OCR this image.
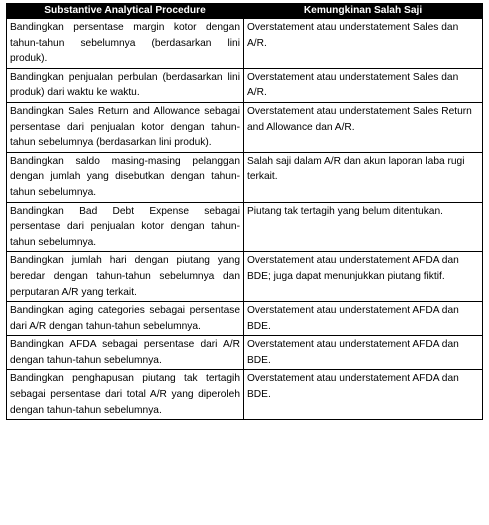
Substantive Analytical Procedure	Kemungkinan Salah Saji
Bandingkan persentase margin kotor dengan tahun-tahun sebelumnya (berdasarkan lini produk).	Overstatement atau understatement Sales dan A/R.
Bandingkan penjualan perbulan (berdasarkan lini produk) dari waktu ke waktu.	Overstatement atau understatement Sales dan A/R.
Bandingkan Sales Return and Allowance sebagai persentase dari penjualan kotor dengan tahun-tahun sebelumnya (berdasarkan lini produk).	Overstatement atau understatement Sales Return and Allowance dan A/R.
Bandingkan saldo masing-masing pelanggan dengan jumlah yang disebutkan dengan tahun-tahun sebelumnya.	Salah saji dalam A/R dan akun laporan laba rugi terkait.
Bandingkan Bad Debt Expense sebagai persentase dari penjualan kotor dengan tahun-tahun sebelumnya.	Piutang tak tertagih yang belum ditentukan.
Bandingkan jumlah hari dengan piutang yang beredar dengan tahun-tahun sebelumnya dan perputaran A/R yang terkait.	Overstatement atau understatement AFDA dan BDE; juga dapat menunjukkan piutang fiktif.
Bandingkan aging categories sebagai persentase dari A/R dengan tahun-tahun sebelumnya.	Overstatement atau understatement AFDA dan BDE.
Bandingkan AFDA sebagai persentase dari A/R dengan tahun-tahun sebelumnya.	Overstatement atau understatement AFDA dan BDE.
Bandingkan penghapusan piutang tak tertagih sebagai persentase dari total A/R yang diperoleh dengan tahun-tahun sebelumnya.	Overstatement atau understatement AFDA dan BDE.
